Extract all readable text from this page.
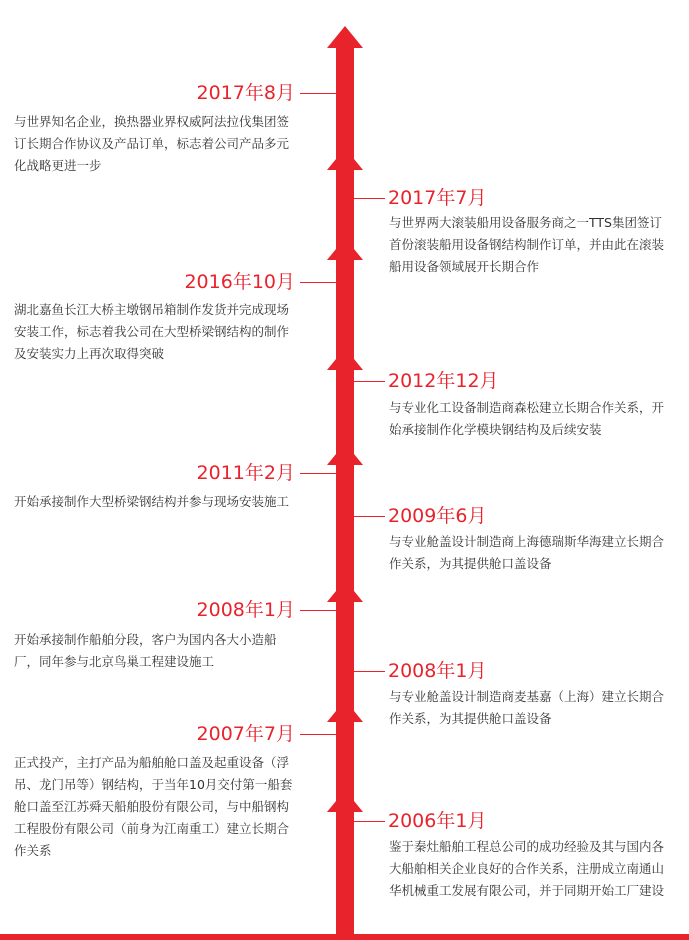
2017年8月
与世界知名企业，换热器业界权威阿法拉伐集团签订长期合作协议及产品订单，标志着公司产品多元化战略更进一步
2017年7月
与世界两大滚装船用设备服务商之一TTS集团签订首份滚装船用设备钢结构制作订单，并由此在滚装船用设备领域展开长期合作
2016年10月
湖北嘉鱼长江大桥主墩钢吊箱制作发货并完成现场安装工作，标志着我公司在大型桥梁钢结构的制作及安装实力上再次取得突破
2012年12月
与专业化工设备制造商森松建立长期合作关系，开始承接制作化学模块钢结构及后续安装
2011年2月
开始承接制作大型桥梁钢结构并参与现场安装施工
2009年6月
与专业舱盖设计制造商上海德瑞斯华海建立长期合作关系，为其提供舱口盖设备
2008年1月
开始承接制作船舶分段，客户为国内各大小造船厂，同年参与北京鸟巢工程建设施工	2008年1月
与专业舱盖设计制造商麦基嘉（上海）建立长期合作关系，为其提供舱口盖设备
2007年7月
正式投产，主打产品为船舶舱口盖及起重设备（浮吊、龙门吊等）钢结构，于当年10月交付第一船套舱口盖至江苏舜天船舶股份有限公司，与中船钢构工程股份有限公司（前身为江南重工）建立长期合作关系
2006年1月
鉴于秦灶船舶工程总公司的成功经验及其与国内各大船舶相关企业良好的合作关系，注册成立南通山华机械重工发展有限公司，并于同期开始工厂建设
